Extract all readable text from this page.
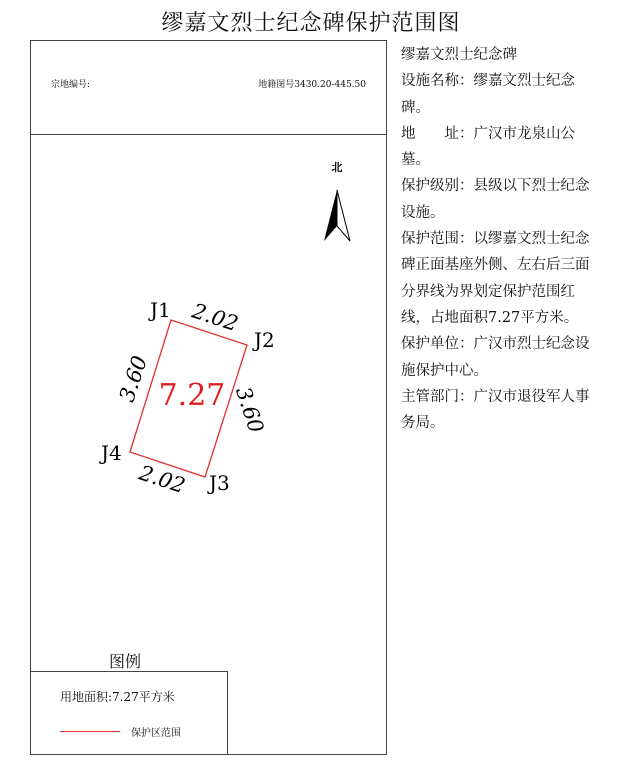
缪嘉文烈士纪念碑保护范围图
宗地编号:	地籍图号3430.20-445.50
图例
用地面积:7.27平方米
保护区范围
北
J1
J2
J3
J4
2.02
3.60
2.02
3.60 7.27

缪嘉文烈士纪念碑

设施名称：缪嘉文烈士纪念碑。

地　　址：广汉市龙泉山公墓。

保护级别：县级以下烈士纪念设施。

保护范围：以缪嘉文烈士纪念碑正面基座外侧、左右后三面分界线为界划定保护范围红线，占地面积7.27平方米。

保护单位：广汉市烈士纪念设施保护中心。

主管部门：广汉市退役军人事务局。
